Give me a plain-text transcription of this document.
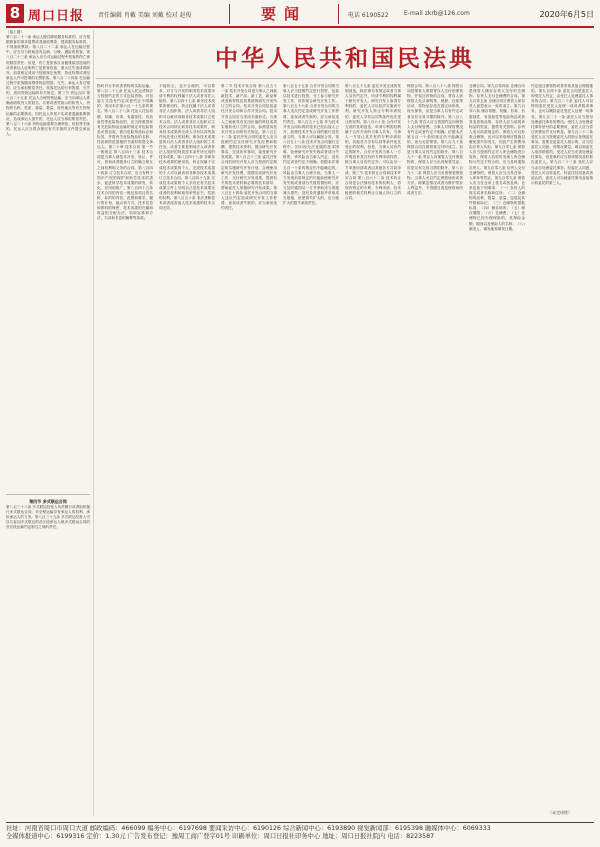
8 周口日报 责任编辑 肖戴 美编 刘戴 校对 赵俊	要闻	电话 6190522	E-mail zkrb@126.com	2020年6月5日
中华人民共和国民法典

（接上期）

第八百二十一条 承运人擅自降低服务标准的，应当根据旅客的请求退票或者减收票款；提高服务标准的，不得加收票款。第八百二十二条 承运人在运输过程中，应当尽力救助患有急病、分娩、遇险的旅客。第八百二十三条 承运人应当对运输过程中旅客的伤亡承担赔偿责任；但是，伤亡是旅客自身健康原因造成的或者承运人证明伤亡是旅客故意、重大过失造成的除外。前款规定适用于按照规定免票、持优待票或者经承运人许可搭乘的无票旅客。第八百二十四条 在运输过程中旅客随身携带物品毁损、灭失，承运人有过错的，应当承担赔偿责任。旅客托运的行李毁损、灭失的，适用货物运输的有关规定。第三节 货运合同 第八百二十五条 托运人办理货物运输，应当向承运人准确表明收货人的姓名、名称或者凭指示的收货人，货物的名称、性质、重量、数量，收货地点等有关货物运输的必要情况。因托运人申报不实或者遗漏重要情况，造成承运人损失的，托运人应当承担赔偿责任。第八百二十六条 货物运输需要办理审批、检验等手续的，托运人应当将办理完有关手续的文件提交承运人。

第四节 多式联运合同

第八百三十八条 多式联运经营人负责履行或者组织履行多式联运合同，对全程运输享有承运人的权利，承担承运人的义务。第八百三十九条 多式联运经营人可以与参加多式联运的各区段承运人就多式联运合同的各区段运输约定相互之间的责任。

物时对行李或者货物的实际运输。第八百二十七条 托运人托运货物应当按照约定的方式包装货物。对包装方式没有约定或者约定不明确的，适用本法第六百一十九条的规定。第八百二十八条 托运人托运易燃、易爆、有毒、有腐蚀性、有放射性等危险物品的，应当按照国家有关危险物品运输的规定对危险物品妥善包装，做出危险物品标志和标签，并将有关危险物品的名称、性质和防范措施的书面材料提交承运人。第二十章 技术合同 第一节 一般规定 第八百四十三条 技术合同是当事人就技术开发、转让、许可、咨询或者服务订立的确立相互之间权利和义务的合同。第八百四十四条 订立技术合同，应当有利于知识产权的保护和科学技术的进步，促进科学技术成果的研发、转化、应用和推广。第八百四十五条 技术合同的内容一般包括项目的名称，标的的内容、范围和要求，履行的计划、地点和方式，技术信息和资料的保密，技术成果的归属和收益的分配办法，验收标准和方法，名词和术语的解释等条款。

不能防止，也不合理的，可以要求，对方与开发的职务技术成果申请专利的权利属于法人或者非法人组织。第八百四十七条 职务技术成果的使用权、转让权属于法人或者非法人组织的，法人或者非法人组织可以就该项职务技术成果订立技术合同。法人或者非法人组织订立技术合同转让职务技术成果时，职务技术成果的完成人享有以同等条件优先受让的权利。职务技术成果是执行法人或者非法人组织的工作任务，或者主要是利用法人或者非法人组织的物质技术条件所完成的技术成果。第八百四十八条 非职务技术成果的使用权、转让权属于完成技术成果的个人，完成技术成果的个人可以就该项非职务技术成果订立技术合同。第八百四十九条 完成技术成果的个人享有在有关技术成果文件上写明自己是技术成果完成者的权利和取得荣誉证书、奖励的权利。第八百五十条 非法垄断技术或者侵害他人技术成果的技术合同无效。

第二节 技术开发合同 第八百五十一条 技术开发合同是当事人之间就新技术、新产品、新工艺、新品种或者新材料及其系统的研究开发所订立的合同。技术开发合同包括委托开发合同和合作开发合同。技术开发合同应当采用书面形式。当事人之间就具有实用价值的科技成果实施转化订立的合同，参照适用技术开发合同的有关规定。第八百五十二条 委托开发合同的委托人应当按照约定支付研究开发经费和报酬，提供技术资料，提出研究开发要求，完成协作事项，接受研究开发成果。第八百五十三条 委托开发合同的研究开发人应当按照约定制定和实施研究开发计划，合理使用研究开发经费，按期完成研究开发工作，交付研究开发成果，提供有关的技术资料和必要的技术指导，帮助委托人掌握研究开发成果。第八百五十四条 委托开发合同的当事人违反约定造成研究开发工作停滞、延误或者失败的，应当承担违约责任。

第八百五十五条 合作开发合同的当事人应当按照约定进行投资，包括以技术进行投资，分工参与研究开发工作，协作配合研究开发工作。第八百五十六条 合作开发合同的当事人违反约定造成研究开发工作停滞、延误或者失败的，应当承担违约责任。第八百五十七条 作为技术开发合同标的的技术已经由他人公开，致使技术开发合同的履行没有意义的，当事人可以解除合同。第八百五十八条 技术开发合同履行过程中，因出现无法克服的技术困难，致使研究开发失败或者部分失败的，该风险由当事人约定；没有约定或者约定不明确，依据本法第五百一十条的规定仍不能确定的，风险由当事人合理分担。当事人一方发现前款规定的可能致使研究开发失败或者部分失败的情形时，应当及时通知另一方并采取适当措施减少损失；没有及时通知并采取适当措施，致使损失扩大的，应当就扩大的损失承担责任。

第八百五十九条 委托开发完成的发明创造，除法律另有规定或者当事人另有约定外，申请专利的权利属于研究开发人。研究开发人取得专利权的，委托人可以依法实施该专利。研究开发人转让专利申请权的，委托人享有以同等条件优先受让的权利。第八百六十条 合作开发完成的发明创造，申请专利的权利属于合作开发的当事人共有；当事人一方转让其共有的专利申请权的，其他各方享有以同等条件优先受让的权利。但是，当事人另有约定的除外。合作开发的当事人一方声明放弃其共有的专利申请权的，除当事人另有约定外，可以由另一方单独申请或者由其他各方共同申请。第三节 技术转让合同和技术许可合同 第八百六十二条 技术转让合同是合法拥有技术的权利人，将现有特定的专利、专利申请、技术秘密的相关权利让与他人所订立的合同。

保管合同。第八百八十八条 保管合同是保管人保管寄存人交付的保管物，并返还该物的合同。寄存人到保管人处从事购物、就餐、住宿等活动，将物品存放在指定场所的，视为保管，但是当事人另有约定或者另有交易习惯的除外。第八百八十九条 寄存人应当按照约定向保管人支付保管费。当事人对保管费没有约定或者约定不明确，依据本法第五百一十条的规定仍不能确定的，视为无偿保管。第八百九十条 保管合同自保管物交付时成立，但是当事人另有约定的除外。第八百九十一条 寄存人向保管人交付保管物的，保管人应当出具保管凭证，但是另有交易习惯的除外。第八百九十二条 保管人应当妥善保管保管物。当事人可以约定保管场所或者方法。除紧急情况或者为维护寄存人利益外，不得擅自改变保管场所或者方法。

仓储合同。第九百零四条 仓储合同是保管人储存存货人交付的仓储物，存货人支付仓储费的合同。第九百零五条 仓储合同自保管人和存货人意思表示一致时成立。第九百零六条 储存易燃、易爆、有毒、有腐蚀性、有放射性等危险物品或者易变质物品的，存货人应当说明该物品的性质，提供有关资料。存货人违反前款规定的，保管人可以拒收仓储物，也可以采取相应措施以避免损失的发生，因此产生的费用由存货人负担。第九百零七条 保管人应当按照约定对入库仓储物进行验收。保管人验收时发现入库仓储物与约定不符合的，应当及时通知存货人。第九百零八条 存货人交付仓储物的，保管人应当出具仓单、入库单等凭证。第九百零九条 保管人应当在仓单上签名或者盖章。仓单包括下列事项：（一）存货人的姓名或者名称和住所；（二）仓储物的品种、数量、质量、包装及其件数和标记；（三）仓储物的损耗标准；（四）储存场所；（五）储存期限；（六）仓储费；（七）仓储物已经办理保险的，其保险金额、期间以及保险人的名称；（八）填发人、填发地和填发日期。

约定返还保管物或者采取其他合理措施的。第九百四十条 委托合同是委托人和受托人约定，由受托人处理委托人事务的合同。第九百二十条 委托人可以特别委托受托人处理一项或者数项事务，也可以概括委托受托人处理一切事务。第九百二十一条 委托人应当预付处理委托事务的费用。受托人为处理委托事务垫付的必要费用，委托人应当偿还该费用并支付利息。第九百二十二条 受托人应当按照委托人的指示处理委托事务。需要变更委托人指示的，应当经委托人同意；因情况紧急，难以和委托人取得联系的，受托人应当妥善处理委托事务，但是事后应当将该情况及时报告委托人。第九百二十三条 受托人应当亲自处理委托事务。经委托人同意，受托人可以转委托。转委托经同意或者追认的，委托人可以就委托事务直接指示转委托的第三人。

（未完待续）
社址：河南省周口市周口大道 邮政编码：466099 编务中心：6197698 要闻采访中心：6190126 综合新闻中心：6193890 视觉新闻部：6195398 融媒体中心：6069333
全媒体报道中心：6199316 定价：1.30元 广告发布登记：豫周工商广登字01号 印刷单位：周口日报社印务中心 地址：周口日报社院内 电话：8223587
